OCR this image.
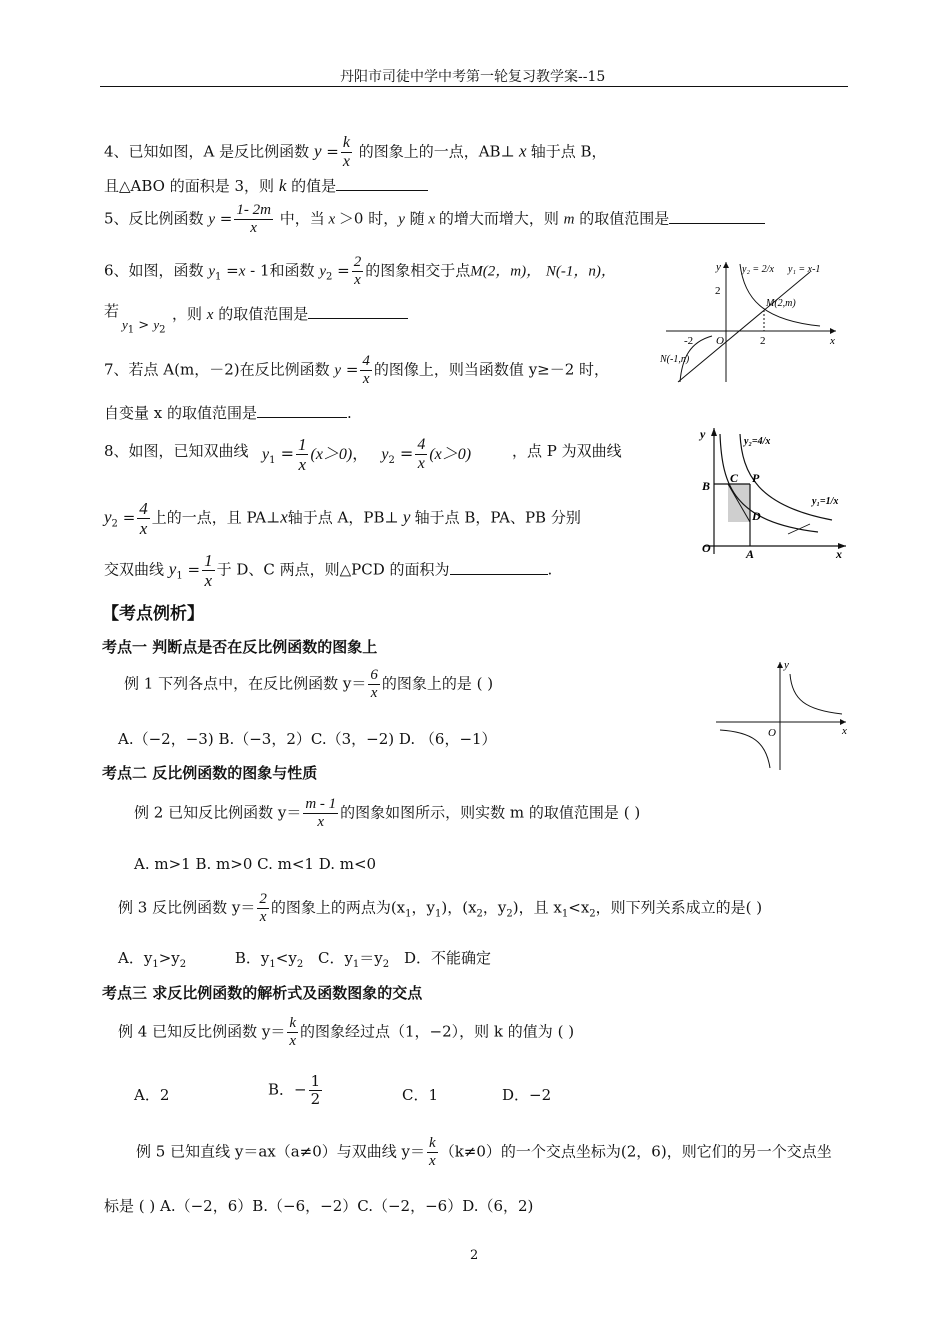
丹阳市司徒中学中考第一轮复习教学案--15
4、已知如图，A 是反比例函数 $y = \frac{k}{x}$ 的图象上的一点，AB⊥ x 轴于点 B，
且△ABO 的面积是 3，则 k 的值是
5、反比例函数 $y = \frac{1- 2m}{x}$ 中，当 x ＞0 时，y 随 x 的增大而增大，则 m 的取值范围是
6、如图，函数 $y_1 =x - 1$和函数 $y_2 = \frac{2}{x}$ 的图象相交于点M(2，m)， N(-1，n)，
若
$y_1 > y_2$
，则 x 的取值范围是
7、若点 A(m，－2)在反比例函数 $y = \frac{4}{x}$ 的图像上，则当函数值 y≥－2 时，
自变量 x 的取值范围是	.
8、如图，已知双曲线 $y_1 = \frac{1}{x} (x>0)$， $y_2 = \frac{4}{x} (x>0)$	，点 P 为双曲线
$y_2 = \frac{4}{x}$ 上的一点，且 PA⊥x轴于点 A，PB⊥ y 轴于点 B，PA、PB 分别
交双曲线 $y_1 = \frac{1}{x}$ 于 D、C 两点，则△PCD 的面积为	.
【考点例析】
考点一 判断点是否在反比例函数的图象上
例 1 下列各点中，在反比例函数 $y= \frac{6}{x}$ 的图象上的是 ( )
A.（−2，−3) B.（−3，2）C.（3，−2) D. （6，−1）
考点二 反比例函数的图象与性质
例 2 已知反比例函数 $y= \frac{m - 1}{x}$ 的图象如图所示，则实数 m 的取值范围是 ( )
A. m>1 B. m>0 C. m<1 D. m<0
例 3 反比例函数 $y= \frac{2}{x}$ 的图象上的两点为($x_1$，$y_1$)，($x_2$，$y_2$)，且 $x_1<x_2$，则下列关系成立的是( )
A．$y_1>y_2$	B．$y_1<y_2$ C．$y_1=y_2$ D．不能确定
考点三 求反比例函数的解析式及函数图象的交点
例 4 已知反比例函数 $y= \frac{k}{x}$ 的图象经过点（1，−2），则 k 的值为 ( )
A．2	B．− $\frac{1}{2}$	C．1	D．−2
例 5 已知直线 y＝ax（a≠0）与双曲线 $y= \frac{k}{x} (k\ne 0)$的一个交点坐标为(2，6)，则它们的另一个交点坐
标是 ( ) A.（−2，6）B.（−6，−2）C.（−2，−6）D.（6，2)
2
y y₂ = 2/x y₁ = x-1
2
M(2,m)
-2 O	2	x
N(-1,n)
y
y₂=4/x
B
C P
D
y₁=1/x
O	A	x
y
O	x
